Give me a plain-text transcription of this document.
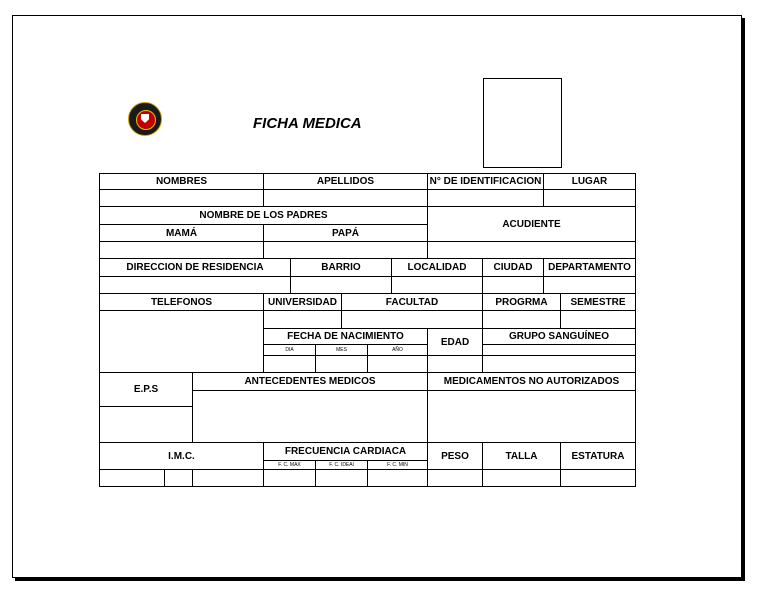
FICHA MEDICA
NOMBRES	APELLIDOS	N° DE IDENTIFICACION	LUGAR
NOMBRE DE LOS PADRES
ACUDIENTE
MAMÁ	PAPÁ
DIRECCION DE RESIDENCIA	BARRIO	LOCALIDAD	CIUDAD	DEPARTAMENTO
TELEFONOS	UNIVERSIDAD	FACULTAD	PROGRMA	SEMESTRE
FECHA DE NACIMIENTO	EDAD	GRUPO SANGUÍNEO
DIA	MES	AÑO
E.P.S
ANTECEDENTES MEDICOS	MEDICAMENTOS NO AUTORIZADOS
I.M.C.	FRECUENCIA CARDIACA	PESO	TALLA	ESTATURA
F. C. MAX	F. C. IDEAl	F. C. MIN
